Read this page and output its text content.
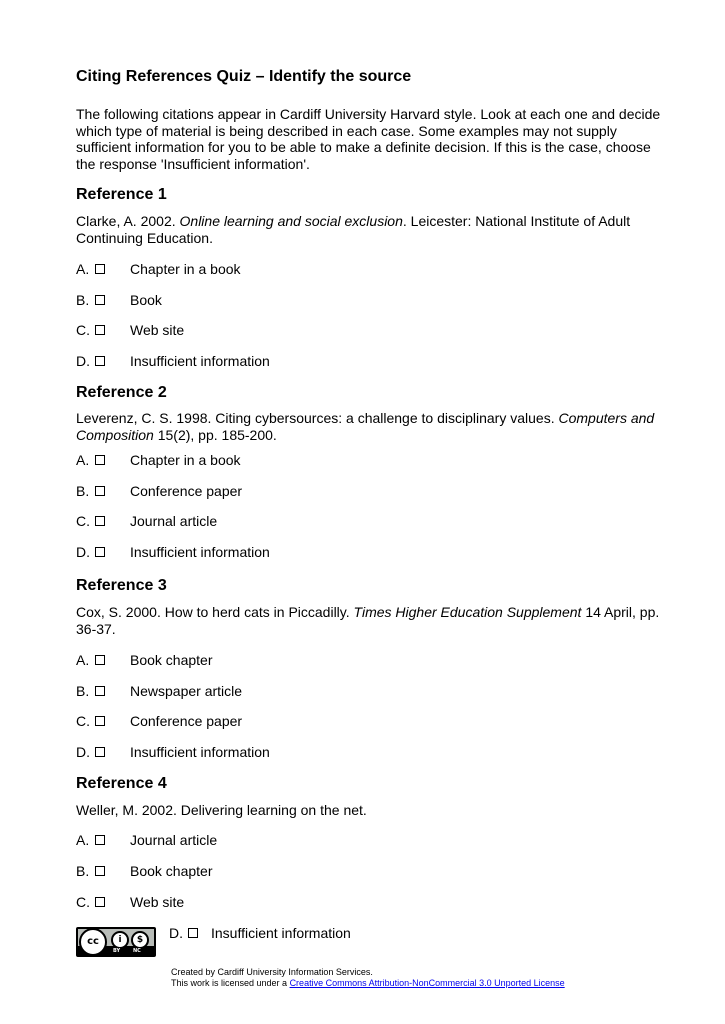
Citing References Quiz – Identify the source

The following citations appear in Cardiff University Harvard style. Look at each one and decide which type of material is being described in each case. Some examples may not supply sufficient information for you to be able to make a definite decision. If this is the case, choose the response 'Insufficient information'.

Reference 1

Clarke, A. 2002. Online learning and social exclusion. Leicester: National Institute of Adult Continuing Education.

A.	Chapter in a book
B.	Book
C.	Web site
D.	Insufficient information
Reference 2

Leverenz, C. S. 1998. Citing cybersources: a challenge to disciplinary values. Computers and Composition 15(2), pp. 185-200.

A.	Chapter in a book
B.	Conference paper
C.	Journal article
D.	Insufficient information
Reference 3

Cox, S. 2000. How to herd cats in Piccadilly. Times Higher Education Supplement 14 April, pp. 36-37.

A.	Book chapter
B.	Newspaper article
C.	Conference paper
D.	Insufficient information
Reference 4

Weller, M. 2002. Delivering learning on the net.

A.	Journal article
B.	Book chapter
C.	Web site
D. Insufficient information
cc	i	$
BY	NC
Created by Cardiff University Information Services.
This work is licensed under a Creative Commons Attribution-NonCommercial 3.0 Unported License
